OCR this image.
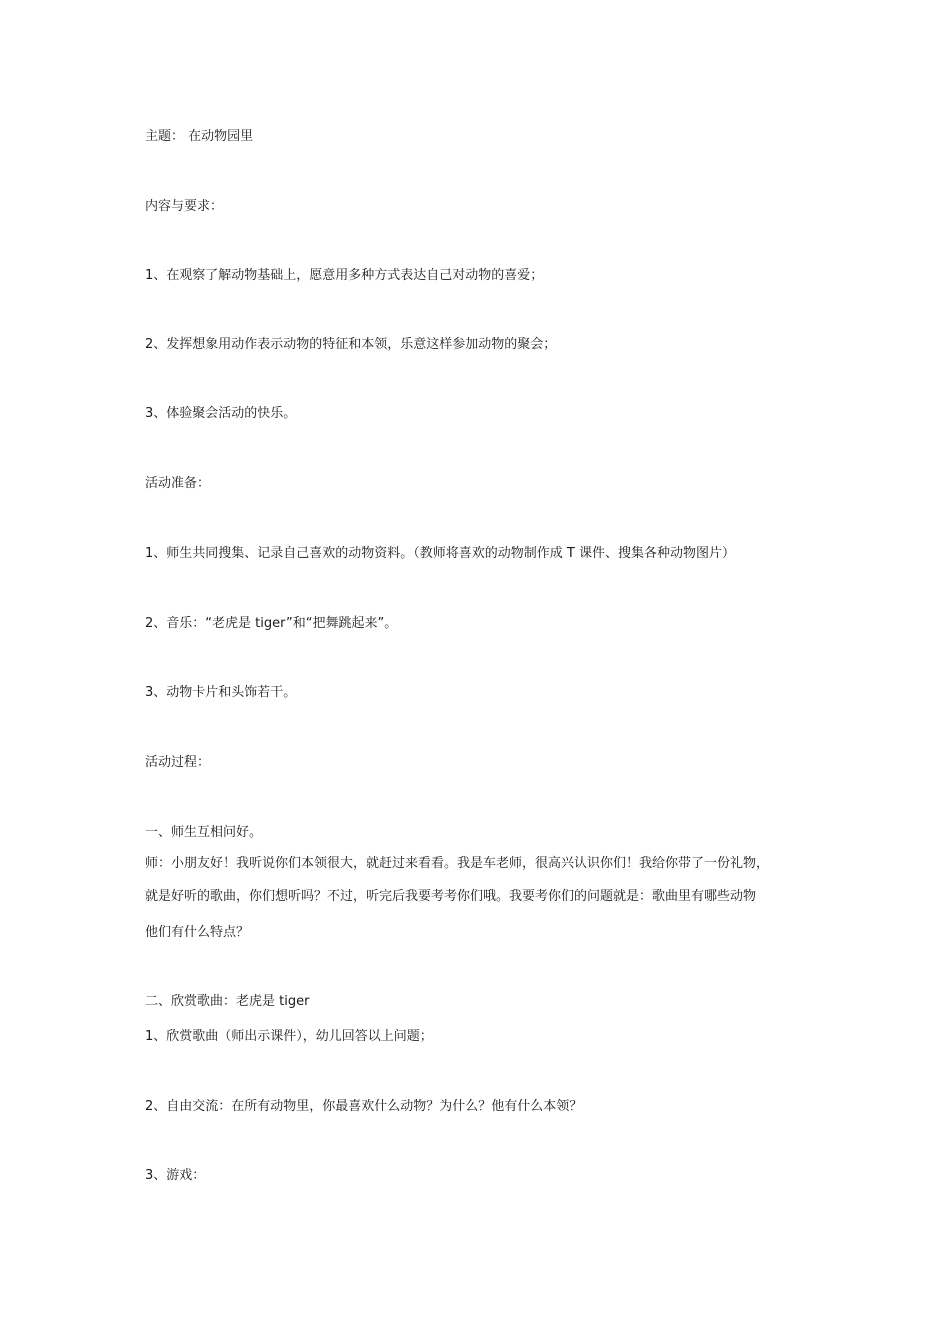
主题： 在动物园里

内容与要求：

1、在观察了解动物基础上，愿意用多种方式表达自己对动物的喜爱；

2、发挥想象用动作表示动物的特征和本领，乐意这样参加动物的聚会；

3、体验聚会活动的快乐。

活动准备：

1、师生共同搜集、记录自己喜欢的动物资料。（教师将喜欢的动物制作成 T 课件、搜集各种动物图片）

2、音乐：“老虎是 tiger”和“把舞跳起来”。

3、动物卡片和头饰若干。

活动过程：

一、师生互相问好。

师：小朋友好！我听说你们本领很大，就赶过来看看。我是车老师，很高兴认识你们！我给你带了一份礼物，

就是好听的歌曲，你们想听吗？不过，听完后我要考考你们哦。我要考你们的问题就是：歌曲里有哪些动物

他们有什么特点？

二、欣赏歌曲：老虎是 tiger

1、欣赏歌曲（师出示课件），幼儿回答以上问题；

2、自由交流：在所有动物里，你最喜欢什么动物？为什么？他有什么本领？

3、游戏：
